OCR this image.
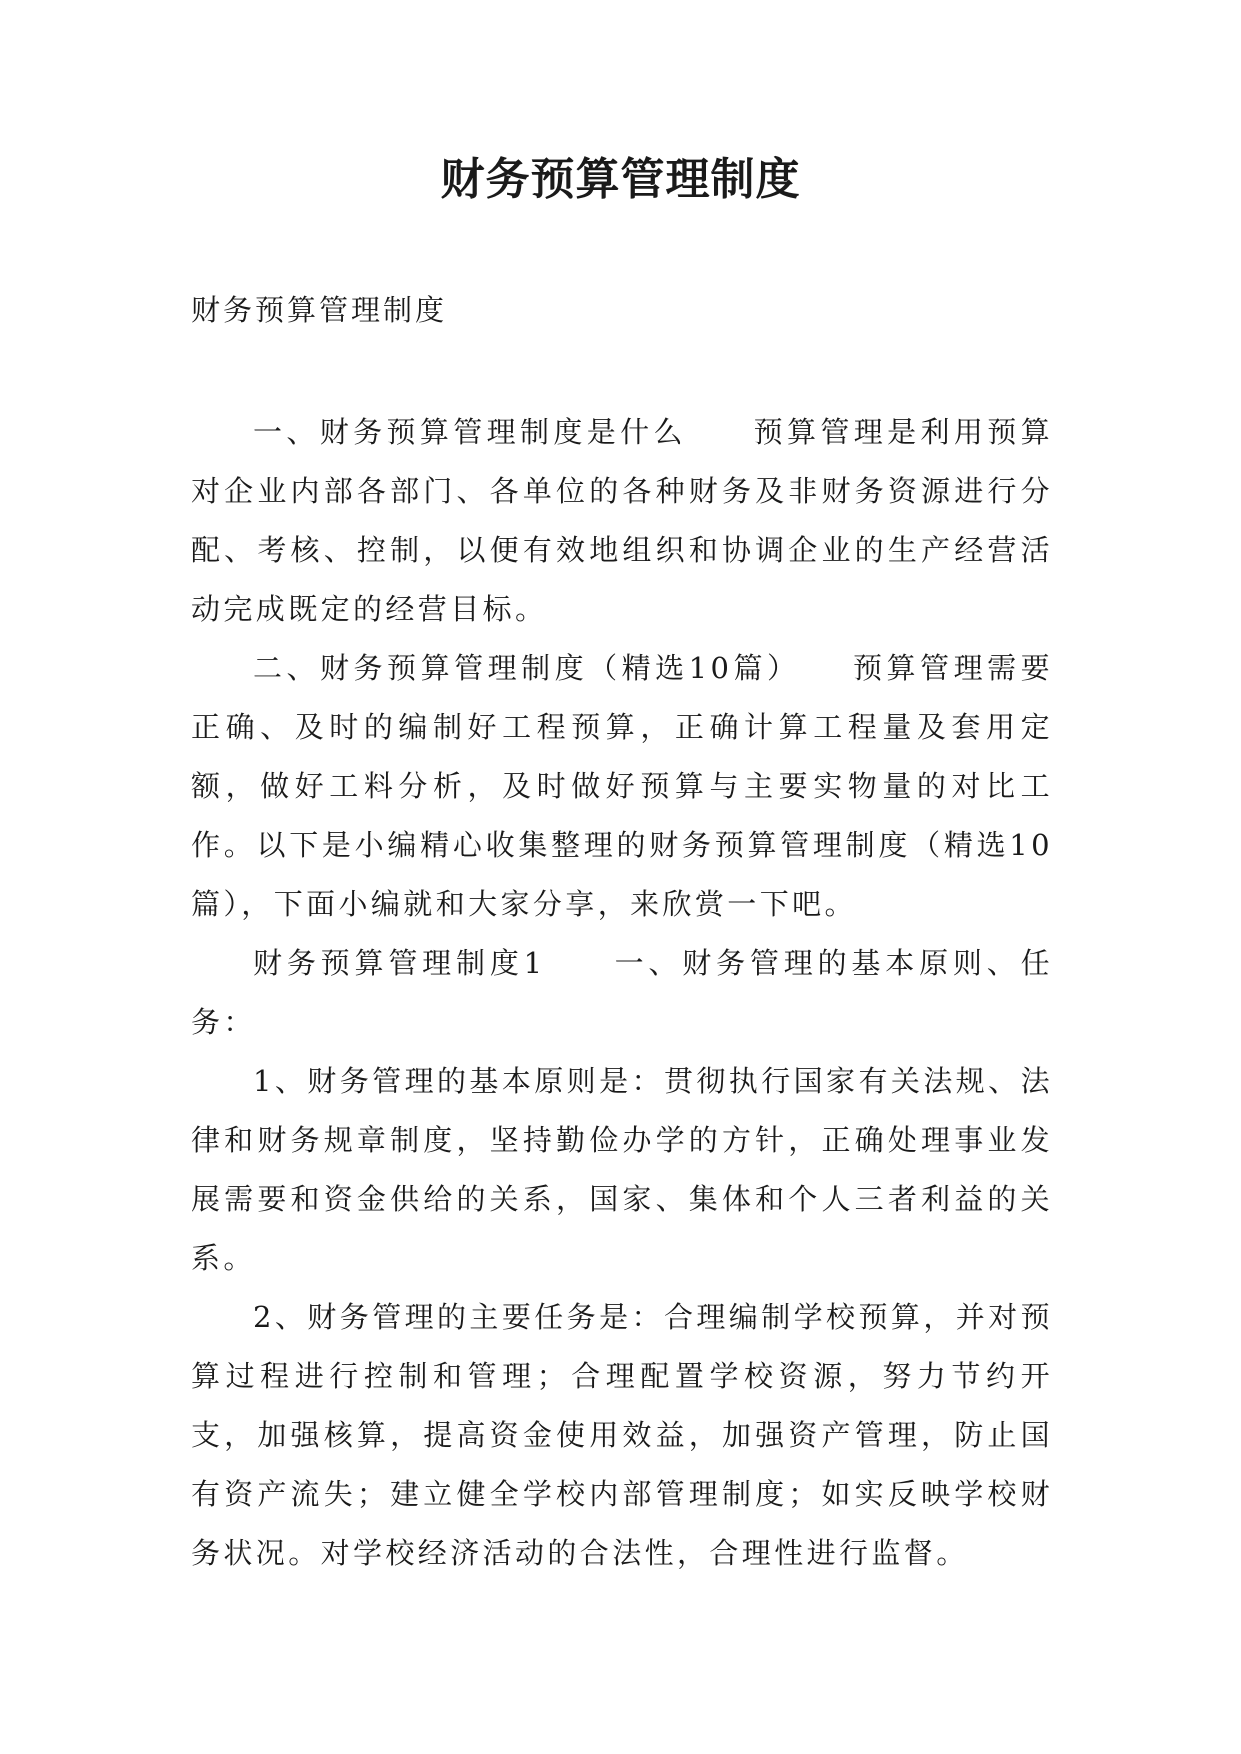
财务预算管理制度
财务预算管理制度

一、财务预算管理制度是什么　　预算管理是利用预算对企业内部各部门、各单位的各种财务及非财务资源进行分配、考核、控制，以便有效地组织和协调企业的生产经营活动完成既定的经营目标。

二、财务预算管理制度（精选10篇）　　预算管理需要正确、及时的编制好工程预算，正确计算工程量及套用定额，做好工料分析，及时做好预算与主要实物量的对比工作。以下是小编精心收集整理的财务预算管理制度（精选10篇），下面小编就和大家分享，来欣赏一下吧。

财务预算管理制度1　　一、财务管理的基本原则、任务：

1、财务管理的基本原则是：贯彻执行国家有关法规、法律和财务规章制度，坚持勤俭办学的方针，正确处理事业发展需要和资金供给的关系，国家、集体和个人三者利益的关系。

2、财务管理的主要任务是：合理编制学校预算，并对预算过程进行控制和管理；合理配置学校资源，努力节约开支，加强核算，提高资金使用效益，加强资产管理，防止国有资产流失；建立健全学校内部管理制度；如实反映学校财务状况。对学校经济活动的合法性，合理性进行监督。
